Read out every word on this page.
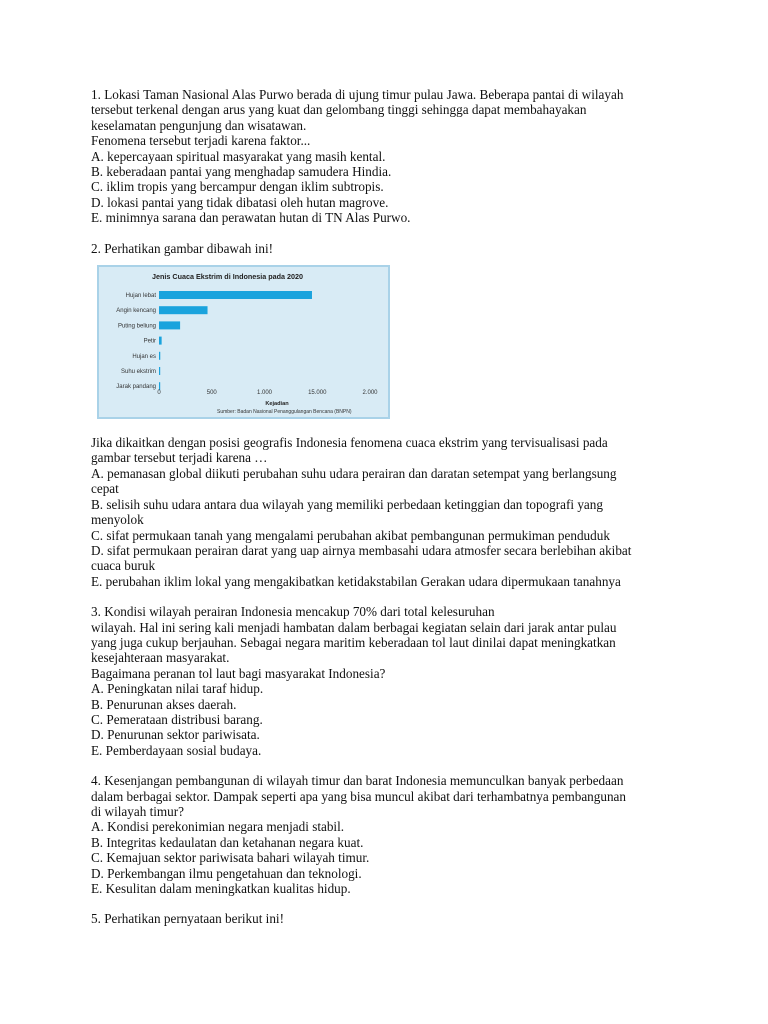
1. Lokasi Taman Nasional Alas Purwo berada di ujung timur pulau Jawa. Beberapa pantai di wilayah
tersebut terkenal dengan arus yang kuat dan gelombang tinggi sehingga dapat membahayakan
keselamatan pengunjung dan wisatawan.
Fenomena tersebut terjadi karena faktor...
A. kepercayaan spiritual masyarakat yang masih kental.
B. keberadaan pantai yang menghadap samudera Hindia.
C. iklim tropis yang bercampur dengan iklim subtropis.
D. lokasi pantai yang tidak dibatasi oleh hutan magrove.
E. minimnya sarana dan perawatan hutan di TN Alas Purwo.
2. Perhatikan gambar dibawah ini!
Jenis Cuaca Ekstrim di Indonesia pada 2020
Hujan lebat
Angin kencang
Puting beliung
Petir
Hujan es
Suhu ekstrim
Jarak pandang
0	500	1.000	15.000	2.000
Kejadian
Sumber: Badan Nasional Penanggulangan Bencana (BNPN)
Jika dikaitkan dengan posisi geografis Indonesia fenomena cuaca ekstrim yang tervisualisasi pada
gambar tersebut terjadi karena …
A. pemanasan global diikuti perubahan suhu udara perairan dan daratan setempat yang berlangsung
cepat
B. selisih suhu udara antara dua wilayah yang memiliki perbedaan ketinggian dan topografi yang
menyolok
C. sifat permukaan tanah yang mengalami perubahan akibat pembangunan permukiman penduduk
D. sifat permukaan perairan darat yang uap airnya membasahi udara atmosfer secara berlebihan akibat
cuaca buruk
E. perubahan iklim lokal yang mengakibatkan ketidakstabilan Gerakan udara dipermukaan tanahnya
3. Kondisi wilayah perairan Indonesia mencakup 70% dari total kelesuruhan
wilayah. Hal ini sering kali menjadi hambatan dalam berbagai kegiatan selain dari jarak antar pulau
yang juga cukup berjauhan. Sebagai negara maritim keberadaan tol laut dinilai dapat meningkatkan
kesejahteraan masyarakat.
Bagaimana peranan tol laut bagi masyarakat Indonesia?
A. Peningkatan nilai taraf hidup.
B. Penurunan akses daerah.
C. Pemerataan distribusi barang.
D. Penurunan sektor pariwisata.
E. Pemberdayaan sosial budaya.
4. Kesenjangan pembangunan di wilayah timur dan barat Indonesia memunculkan banyak perbedaan
dalam berbagai sektor. Dampak seperti apa yang bisa muncul akibat dari terhambatnya pembangunan
di wilayah timur?
A. Kondisi perekonimian negara menjadi stabil.
B. Integritas kedaulatan dan ketahanan negara kuat.
C. Kemajuan sektor pariwisata bahari wilayah timur.
D. Perkembangan ilmu pengetahuan dan teknologi.
E. Kesulitan dalam meningkatkan kualitas hidup.
5. Perhatikan pernyataan berikut ini!
